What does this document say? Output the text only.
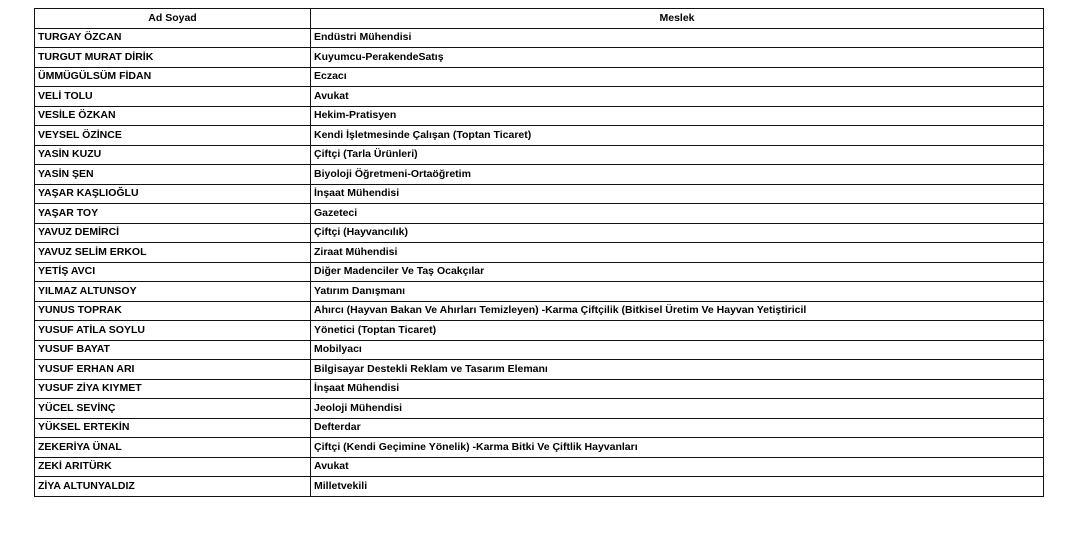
Ad Soyad	Meslek
TURGAY ÖZCAN	Endüstri Mühendisi
TURGUT MURAT DİRİK	Kuyumcu-PerakendeSatış
ÜMMÜGÜLSÜM FİDAN	Eczacı
VELİ TOLU	Avukat
VESİLE ÖZKAN	Hekim-Pratisyen
VEYSEL ÖZİNCE	Kendi İşletmesinde Çalışan (Toptan Ticaret)
YASİN KUZU	Çiftçi (Tarla Ürünleri)
YASİN ŞEN	Biyoloji Öğretmeni-Ortaöğretim
YAŞAR KAŞLIOĞLU	İnşaat Mühendisi
YAŞAR TOY	Gazeteci
YAVUZ DEMİRCİ	Çiftçi (Hayvancılık)
YAVUZ SELİM ERKOL	Ziraat Mühendisi
YETİŞ AVCI	Diğer Madenciler Ve Taş Ocakçılar
YILMAZ ALTUNSOY	Yatırım Danışmanı
YUNUS TOPRAK	Ahırcı (Hayvan Bakan Ve Ahırları Temizleyen) -Karma Çiftçilik (Bitkisel Üretim Ve Hayvan Yetiştiricil
YUSUF ATİLA SOYLU	Yönetici (Toptan Ticaret)
YUSUF BAYAT	Mobilyacı
YUSUF ERHAN ARI	Bilgisayar Destekli Reklam ve Tasarım Elemanı
YUSUF ZİYA KIYMET	İnşaat Mühendisi
YÜCEL SEVİNÇ	Jeoloji Mühendisi
YÜKSEL ERTEKİN	Defterdar
ZEKERİYA ÜNAL	Çiftçi (Kendi Geçimine Yönelik) -Karma Bitki Ve Çiftlik Hayvanları
ZEKİ ARITÜRK	Avukat
ZİYA ALTUNYALDIZ	Milletvekili
